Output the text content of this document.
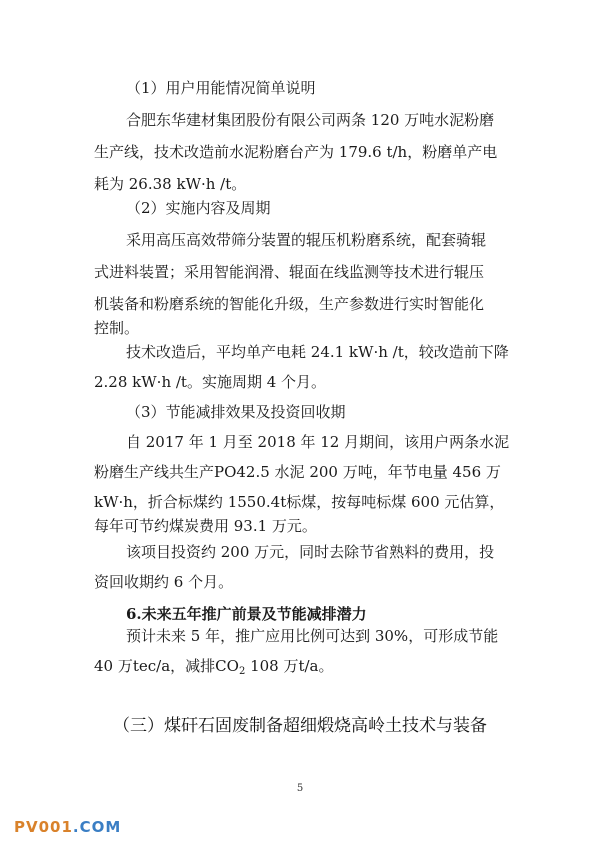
（1）用户用能情况简单说明
合肥东华建材集团股份有限公司两条 120 万吨水泥粉磨
生产线，技术改造前水泥粉磨台产为 179.6 t/h，粉磨单产电
耗为 26.38 kW·h /t。
（2）实施内容及周期
采用高压高效带筛分装置的辊压机粉磨系统，配套骑辊
式进料装置；采用智能润滑、辊面在线监测等技术进行辊压
机装备和粉磨系统的智能化升级，生产参数进行实时智能化
控制。
技术改造后，平均单产电耗 24.1 kW·h /t，较改造前下降
2.28 kW·h /t。实施周期 4 个月。
（3）节能减排效果及投资回收期
自 2017 年 1 月至 2018 年 12 月期间，该用户两条水泥
粉磨生产线共生产PO42.5 水泥 200 万吨，年节电量 456 万
kW·h，折合标煤约 1550.4t标煤，按每吨标煤 600 元估算，
每年可节约煤炭费用 93.1 万元。
该项目投资约 200 万元，同时去除节省熟料的费用，投
资回收期约 6 个月。
6.未来五年推广前景及节能减排潜力
预计未来 5 年，推广应用比例可达到 30%，可形成节能
40 万tec/a，减排$CO_2$ 108 万t/a。
（三）煤矸石固废制备超细煅烧高岭土技术与装备
5
PV001.COM
